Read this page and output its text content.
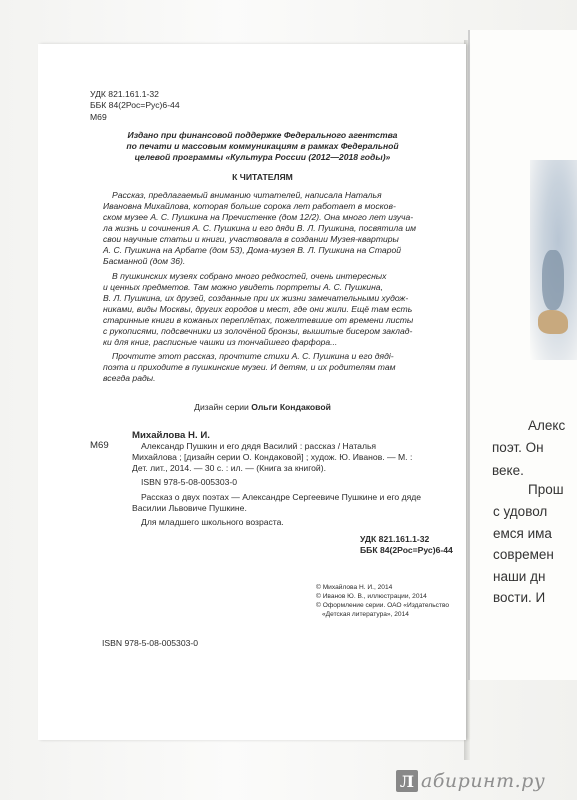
Алекс
поэт. Он
веке.
Прош
с удовол
емся има
современ
наши дн
вости. И
УДК 821.161.1-32
ББК 84(2Рос=Рус)6-44
М69
Издано при финансовой поддержке Федерального агентства
по печати и массовым коммуникациям в рамках Федеральной
целевой программы «Культура России (2012—2018 годы)»
К ЧИТАТЕЛЯМ
Рассказ, предлагаемый вниманию читателей, написала Наталья
Ивановна Михайлова, которая больше сорока лет работает в москов-
ском музее А. С. Пушкина на Пречистенке (дом 12/2). Она много лет изуча-
ла жизнь и сочинения А. С. Пушкина и его дяди В. Л. Пушкина, посвятила им
свои научные статьи и книги, участвовала в создании Музея-квартиры
А. С. Пушкина на Арбате (дом 53), Дома-музея В. Л. Пушкина на Старой
Басманной (дом 36).
В пушкинских музеях собрано много редкостей, очень интересных
и ценных предметов. Там можно увидеть портреты А. С. Пушкина,
В. Л. Пушкина, их друзей, созданные при их жизни замечательными худож-
никами, виды Москвы, других городов и мест, где они жили. Ещё там есть
старинные книги в кожаных переплётах, пожелтевшие от времени листы
с рукописями, подсвечники из золочёной бронзы, вышитые бисером заклад-
ки для книг, расписные чашки из тончайшего фарфора...
Прочтите этот рассказ, прочтите стихи А. С. Пушкина и его дядi-
поэта и приходите в пушкинские музеи. И детям, и их родителям там
всегда рады.
Дизайн серии Ольги Кондаковой
М69
Михайлова Н. И.
Александр Пушкин и его дядя Василий : рассказ / Наталья
Михайлова ; [дизайн серии О. Кондаковой] ; худож. Ю. Иванов. — М. :
Дет. лит., 2014. — 30 с. : ил. — (Книга за книгой).
ISBN 978-5-08-005303-0
Рассказ о двух поэтах — Александре Сергеевиче Пушкине и его дяде
Василии Львовиче Пушкине.
Для младшего школьного возраста.
УДК 821.161.1-32
ББК 84(2Рос=Рус)6-44
© Михайлова Н. И., 2014
© Иванов Ю. В., иллюстрации, 2014
© Оформление серии. ОАО «Издательство
«Детская литература», 2014
ISBN 978-5-08-005303-0
Л абиринт.ру
